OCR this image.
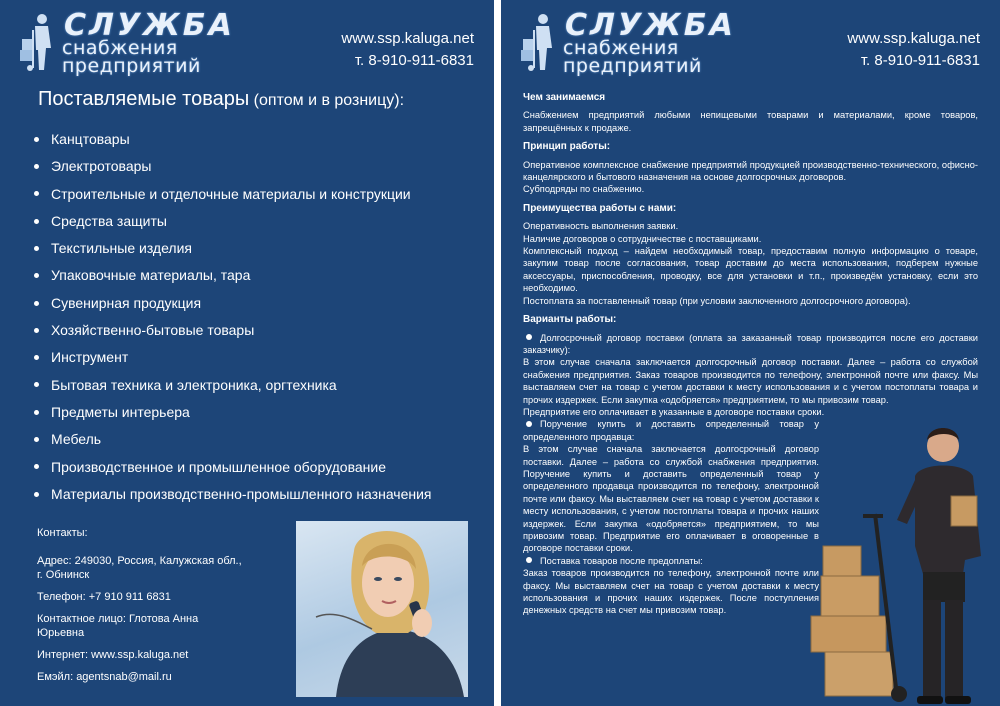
СЛУЖБА
снабжения
предприятий
www.ssp.kaluga.net
т. 8-910-911-6831
Поставляемые товары (оптом и в розницу):
Канцтовары
Электротовары
Строительные и отделочные материалы и конструкции
Средства защиты
Текстильные изделия
Упаковочные материалы, тара
Сувенирная продукция
Хозяйственно-бытовые товары
Инструмент
Бытовая техника и электроника, оргтехника
Предметы интерьера
Мебель
Производственное и промышленное оборудование
Материалы производственно-промышленного назначения
Контакты:
Адрес: 249030, Россия, Калужская обл., г. Обнинск
Телефон: +7 910 911 6831
Контактное лицо: Глотова Анна Юрьевна
Интернет: www.ssp.kaluga.net
Емэйл: agentsnab@mail.ru
СЛУЖБА
снабжения
предприятий
www.ssp.kaluga.net
т. 8-910-911-6831
Чем занимаемся

Снабжением предприятий любыми непищевыми товарами и материалами, кроме товаров, запрещённых к продаже.

Принцип работы:

Оперативное комплексное снабжение предприятий продукцией производственно-технического, офисно-канцелярского и бытового назначения на основе долгосрочных договоров.

Субподряды по снабжению.

Преимущества работы с нами:

Оперативность выполнения заявки.

Наличие договоров о сотрудничестве с поставщиками.

Комплексный подход – найдем необходимый товар, предоставим полную информацию о товаре, закупим товар после согласования, товар доставим до места использования, подберем нужные аксессуары, приспособления, проводку, все для установки и т.п., произведём установку, если это необходимо.

Постоплата за поставленный товар (при условии заключенного долгосрочного договора).

Варианты работы:

Долгосрочный договор поставки (оплата за заказанный товар производится после его доставки заказчику):

В этом случае сначала заключается долгосрочный договор поставки. Далее – работа со службой снабжения предприятия. Заказ товаров производится по телефону, электронной почте или факсу. Мы выставляем счет на товар с учетом доставки к месту использования и с учетом постоплаты товара и прочих издержек. Если закупка «одобряется» предприятием, то мы привозим товар.

Предприятие его оплачивает в указанные в договоре поставки сроки.

Поручение купить и доставить определенный товар у определенного продавца:

В этом случае сначала заключается долгосрочный договор поставки. Далее – работа со службой снабжения предприятия. Поручение купить и доставить определенный товар у определенного продавца производится по телефону, электронной почте или факсу. Мы выставляем счет на товар с учетом доставки к месту использования, с учетом постоплаты товара и прочих наших издержек. Если закупка «одобряется» предприятием, то мы привозим товар. Предприятие его оплачивает в оговоренные в договоре поставки сроки.

Поставка товаров после предоплаты:

Заказ товаров производится по телефону, электронной почте или факсу. Мы выставляем счет на товар с учетом доставки к месту использования и прочих наших издержек. После поступления денежных средств на счет мы привозим товар.
